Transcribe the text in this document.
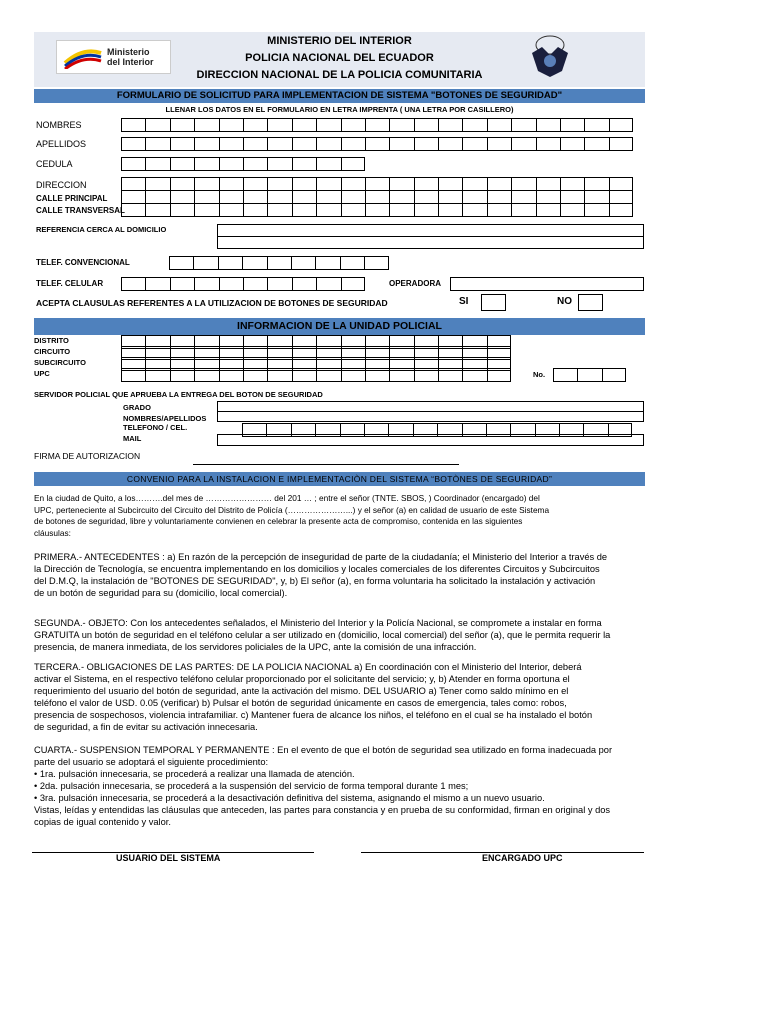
Ministerio
del Interior
MINISTERIO DEL INTERIOR
POLICIA NACIONAL DEL ECUADOR
DIRECCION NACIONAL DE LA POLICIA COMUNITARIA
FORMULARIO DE SOLICITUD PARA IMPLEMENTACION DE SISTEMA "BOTONES DE SEGURIDAD"
LLENAR LOS DATOS EN EL FORMULARIO EN LETRA IMPRENTA ( UNA LETRA POR CASILLERO)
NOMBRES
APELLIDOS
CEDULA
DIRECCION
CALLE PRINCIPAL
CALLE TRANSVERSAL
REFERENCIA CERCA AL DOMICILIO
TELEF. CONVENCIONAL
TELEF. CELULAR	OPERADORA
ACEPTA CLAUSULAS REFERENTES A LA UTILIZACION DE BOTONES DE SEGURIDAD	SI	NO
INFORMACION DE LA UNIDAD POLICIAL
DISTRITO
CIRCUITO
SUBCIRCUITO
UPC	No.
SERVIDOR POLICIAL QUE APRUEBA LA ENTREGA DEL BOTON DE SEGURIDAD
GRADO
NOMBRES/APELLIDOS
TELEFONO / CEL.
MAIL
FIRMA DE AUTORIZACION
CONVENIO PARA LA INSTALACION E IMPLEMENTACIÒN DEL SISTEMA “BOTÒNES DE SEGURIDAD”
En la ciudad de Quito, a los……….del mes de …………………… del 201 … ; entre el señor (TNTE. SBOS, ) Coordinador (encargado) del
UPC, perteneciente al Subcircuito del Circuito del Distrito de Policía (…………………...) y el señor (a) en calidad de usuario de este Sistema
de botones de seguridad, libre y voluntariamente convienen en celebrar la presente acta de compromiso, contenida en las siguientes
cláusulas:
PRIMERA.- ANTECEDENTES : a) En razón de la percepción de inseguridad de parte de la ciudadanía; el Ministerio del Interior a través de
la Dirección de Tecnología, se encuentra implementando en los domicilios y locales comerciales de los diferentes Circuitos y Subcircuitos
del D.M.Q, la instalación de "BOTONES DE SEGURIDAD", y, b) El señor (a), en forma voluntaria ha solicitado la instalación y activación
de un botón de seguridad para su (domicilio, local comercial).
SEGUNDA.- OBJETO: Con los antecedentes señalados, el Ministerio del Interior y la Policía Nacional, se compromete a instalar en forma
GRATUITA un botón de seguridad en el teléfono celular a ser utilizado en (domicilio, local comercial) del señor (a), que le permita requerir la
presencia, de manera inmediata, de los servidores policiales de la UPC, ante la comisión de una infracción.
TERCERA.- OBLIGACIONES DE LAS PARTES: DE LA POLICIA NACIONAL a) En coordinación con el Ministerio del Interior, deberá
activar el Sistema, en el respectivo teléfono celular proporcionado por el solicitante del servicio; y, b) Atender en forma oportuna el
requerimiento del usuario del botón de seguridad, ante la activación del mismo. DEL USUARIO a) Tener como saldo mínimo en el
teléfono el valor de USD. 0.05 (verificar) b) Pulsar el botón de seguridad únicamente en casos de emergencia, tales como: robos,
presencia de sospechosos, violencia intrafamiliar. c) Mantener fuera de alcance los niños, el teléfono en el cual se ha instalado el botón
de seguridad, a fin de evitar su activación innecesaria.
CUARTA.- SUSPENSION TEMPORAL Y PERMANENTE : En el evento de que el botón de seguridad sea utilizado en forma inadecuada por
parte del usuario se adoptará el siguiente procedimiento:
• 1ra. pulsación innecesaria, se procederá a realizar una llamada de atención.
• 2da. pulsación innecesaria, se procederá a la suspensión del servicio de forma temporal durante 1 mes;
• 3ra. pulsación innecesaria, se procederá a la desactivación definitiva del sistema, asignando el mismo a un nuevo usuario.
Vistas, leídas y entendidas las cláusulas que anteceden, las partes para constancia y en prueba de su conformidad, firman en original y dos
copias de igual contenido y valor.
USUARIO DEL SISTEMA	ENCARGADO UPC
